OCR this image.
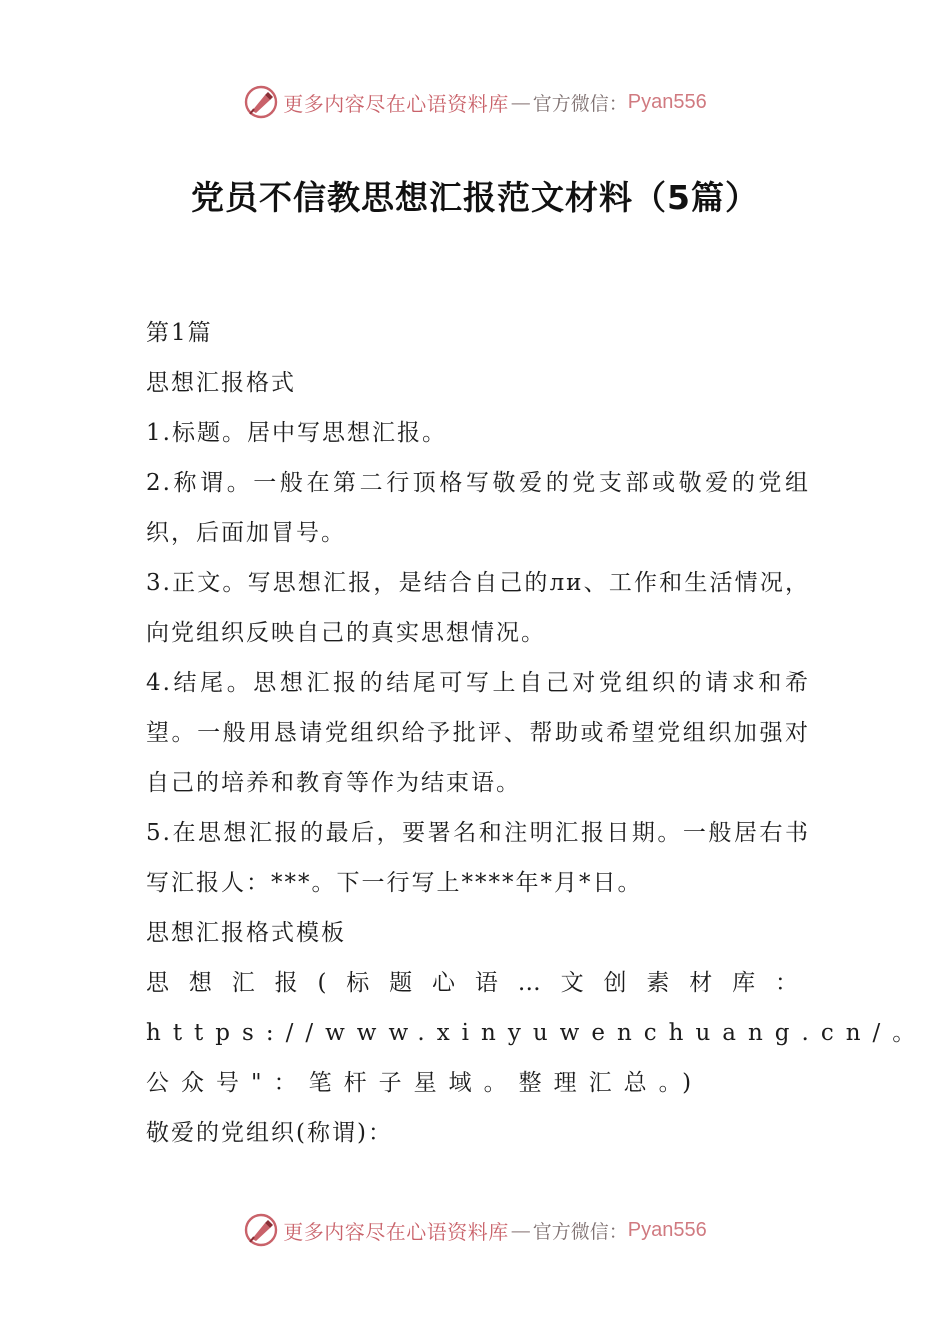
更多内容尽在心语资料库 — 官方微信： Pyan556
党员不信教思想汇报范文材料（5篇）

第1篇

思想汇报格式

1.标题。居中写思想汇报。

2.称谓。一般在第二行顶格写敬爱的党支部或敬爱的党组织，后面加冒号。

3.正文。写思想汇报，是结合自己的ли、工作和生活情况，向党组织反映自己的真实思想情况。

4.结尾。思想汇报的结尾可写上自己对党组织的请求和希望。一般用恳请党组织给予批评、帮助或希望党组织加强对自己的培养和教育等作为结束语。

5.在思想汇报的最后，要署名和注明汇报日期。一般居右书写汇报人：***。下一行写上****年*月*日。

思想汇报格式模板

思想汇报(标题心语…文创素材库：https://www.xinyuwenchuang.cn/。公众号"：笔杆子星域。整理汇总。)

敬爱的党组织(称谓)：

更多内容尽在心语资料库 — 官方微信： Pyan556
